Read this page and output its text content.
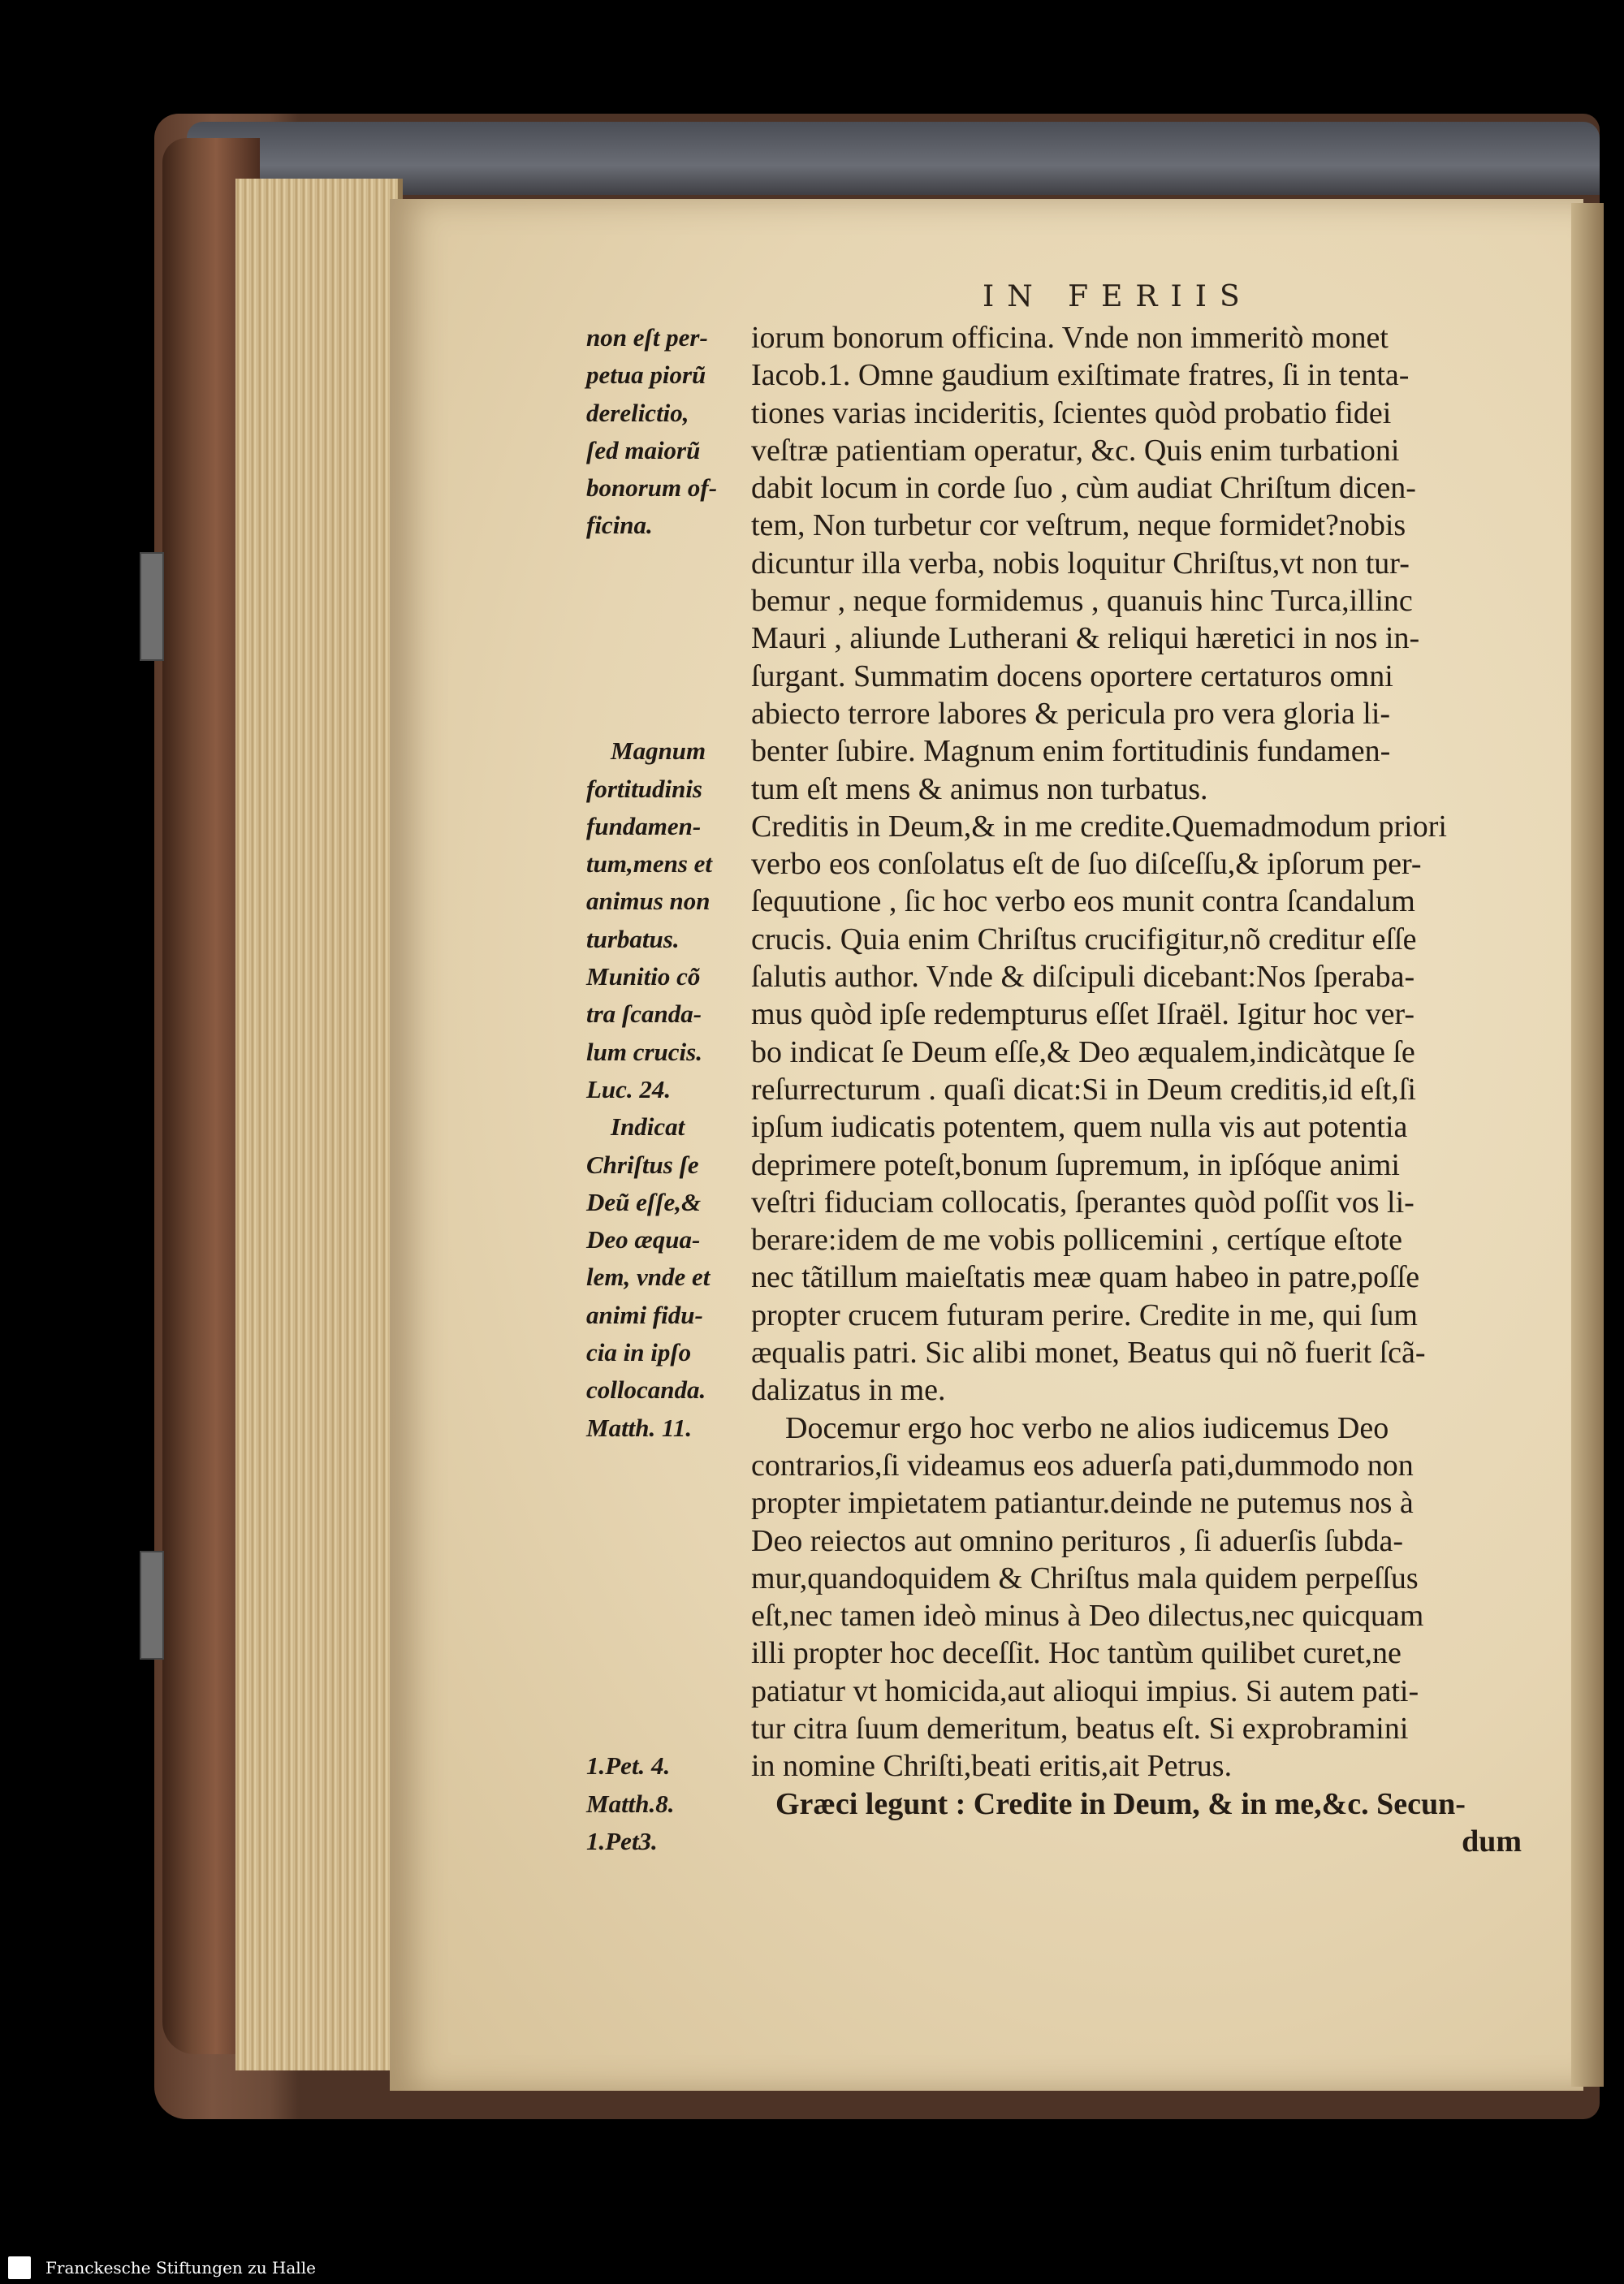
IN FERIIS
non eſt per-
petua piorũ
derelictio,
ſed maiorũ
bonorum of-
ficina.
Magnum
fortitudinis
fundamen-
tum,mens et
animus non
turbatus.
Munitio cõ
tra ſcanda-
lum crucis.
Luc. 24.
Indicat
Chriſtus ſe
Deũ eſſe,&
Deo æqua-
lem, vnde et
animi fidu-
cia in ipſo
collocanda.
Matth. 11.
1.Pet. 4.
Matth.8.
1.Pet3.
iorum bonorum officina. Vnde non immeritò monet
Iacob.1. Omne gaudium exiſtimate fratres, ſi in tenta-
tiones varias incideritis, ſcientes quòd probatio fidei
veſtræ patientiam operatur, &c. Quis enim turbationi
dabit locum in corde ſuo , cùm audiat Chriſtum dicen-
tem, Non turbetur cor veſtrum, neque formidet?nobis
dicuntur illa verba, nobis loquitur Chriſtus,vt non tur-
bemur , neque formidemus , quanuis hinc Turca,illinc
Mauri , aliunde Lutherani & reliqui hæretici in nos in-
ſurgant. Summatim docens oportere certaturos omni
abiecto terrore labores & pericula pro vera gloria li-
benter ſubire. Magnum enim fortitudinis fundamen-
tum eſt mens & animus non turbatus.
Creditis in Deum,& in me credite.Quemadmodum priori
verbo eos conſolatus eſt de ſuo diſceſſu,& ipſorum per-
ſequutione , ſic hoc verbo eos munit contra ſcandalum
crucis. Quia enim Chriſtus crucifigitur,nõ creditur eſſe
ſalutis author. Vnde & diſcipuli dicebant:Nos ſperaba-
mus quòd ipſe redempturus eſſet Iſraël. Igitur hoc ver-
bo indicat ſe Deum eſſe,& Deo æqualem,indicàtque ſe
reſurrecturum . quaſi dicat:Si in Deum creditis,id eſt,ſi
ipſum iudicatis potentem, quem nulla vis aut potentia
deprimere poteſt,bonum ſupremum, in ipſóque animi
veſtri fiduciam collocatis, ſperantes quòd poſſit vos li-
berare:idem de me vobis pollicemini , certíque eſtote
nec tãtillum maieſtatis meæ quam habeo in patre,poſſe
propter crucem futuram perire. Credite in me, qui ſum
æqualis patri. Sic alibi monet, Beatus qui nõ fuerit ſcã-
dalizatus in me.
Docemur ergo hoc verbo ne alios iudicemus Deo
contrarios,ſi videamus eos aduerſa pati,dummodo non
propter impietatem patiantur.deinde ne putemus nos à
Deo reiectos aut omnino perituros , ſi aduerſis ſubda-
mur,quandoquidem & Chriſtus mala quidem perpeſſus
eſt,nec tamen ideò minus à Deo dilectus,nec quicquam
illi propter hoc deceſſit. Hoc tantùm quilibet curet,ne
patiatur vt homicida,aut alioqui impius. Si autem pati-
tur citra ſuum demeritum, beatus eſt. Si exprobramini
in nomine Chriſti,beati eritis,ait Petrus.
Græci legunt : Credite in Deum, & in me,&c. Secun-
dum
Franckesche Stiftungen zu Halle
